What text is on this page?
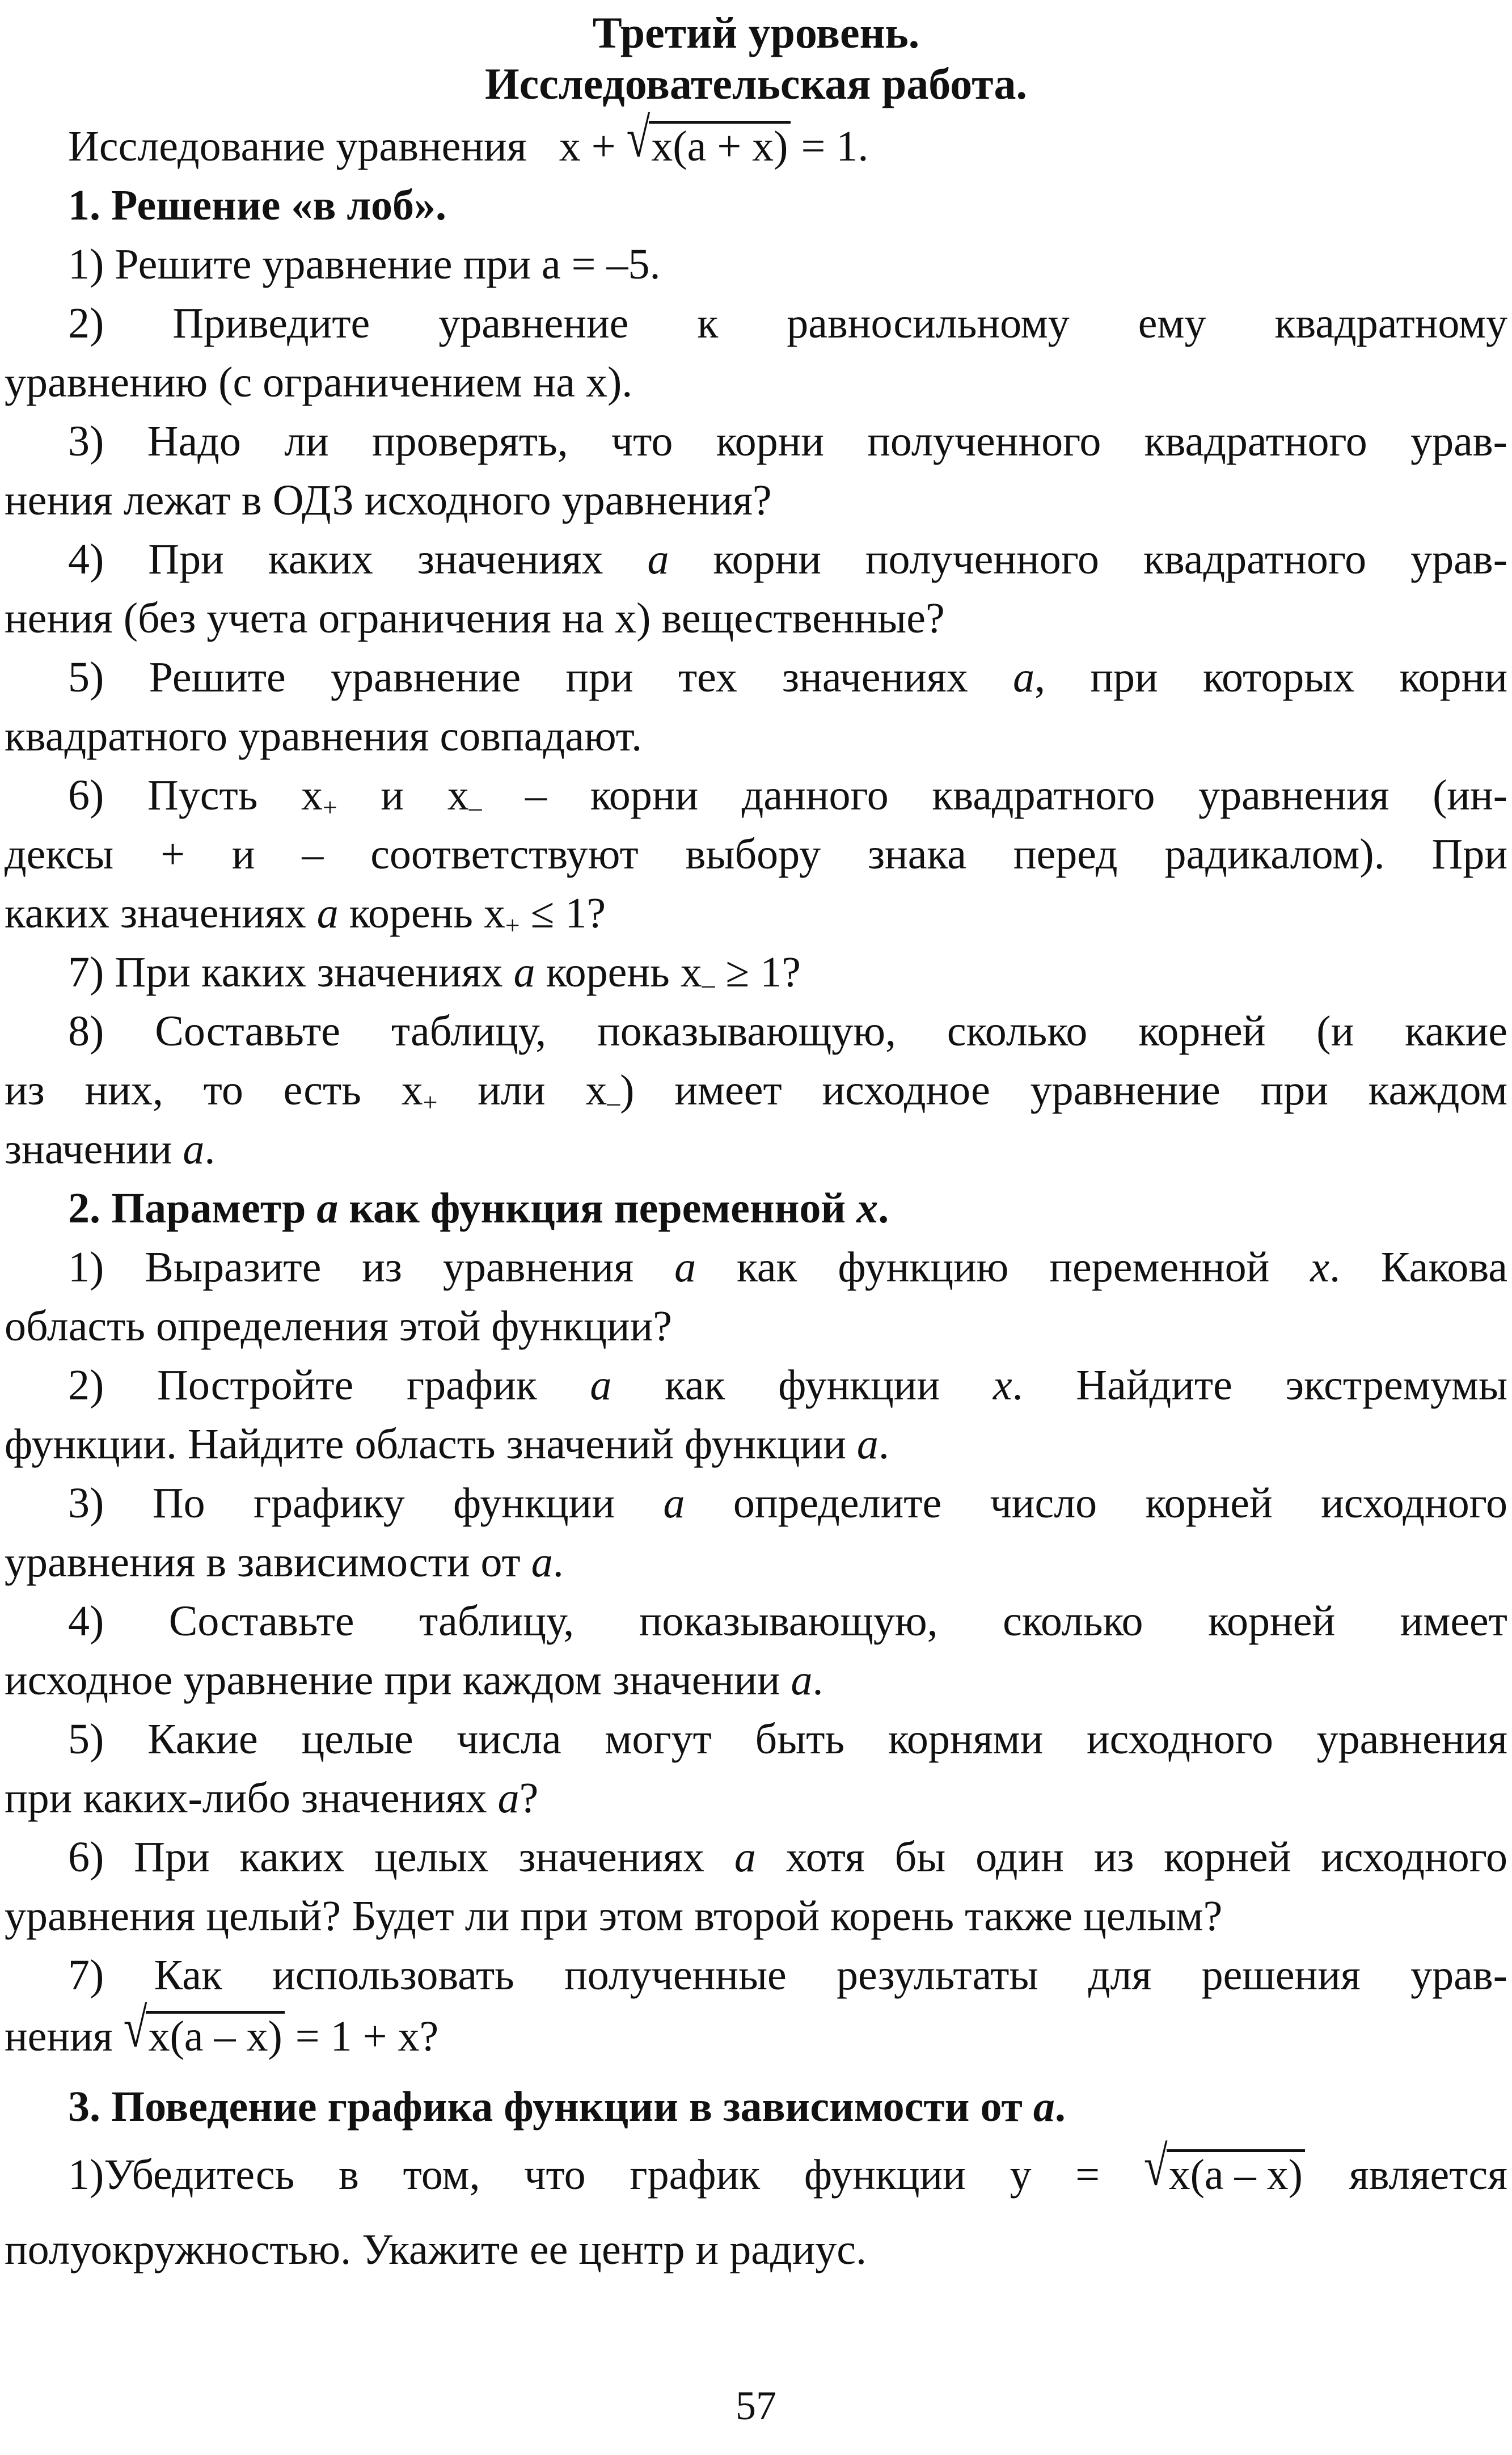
Третий уровень.
Исследовательская работа.

Исследование уравнения x + √x(a + x) = 1.

1. Решение «в лоб».

1) Решите уравнение при a = –5.

2) Приведите уравнение к равносильному ему квадратному

уравнению (с ограничением на x).

3) Надо ли проверять, что корни полученного квадратного урав-

нения лежат в ОДЗ исходного уравнения?

4) При каких значениях a корни полученного квадратного урав-

нения (без учета ограничения на x) вещественные?

5) Решите уравнение при тех значениях a, при которых корни

квадратного уравнения совпадают.

6) Пусть $x_+$ и $x_-$ – корни данного квадратного уравнения (ин-

дексы + и – соответствуют выбору знака перед радикалом). При

каких значениях a корень $x_+ \le 1$?

7) При каких значениях a корень $x_- \ge 1$?

8) Составьте таблицу, показывающую, сколько корней (и какие

из них, то есть $x_+$ или $x_-$) имеет исходное уравнение при каждом

значении a.

2. Параметр a как функция переменной x.

1) Выразите из уравнения a как функцию переменной x. Какова

область определения этой функции?

2) Постройте график a как функции x. Найдите экстремумы

функции. Найдите область значений функции a.

3) По графику функции a определите число корней исходного

уравнения в зависимости от a.

4) Составьте таблицу, показывающую, сколько корней имеет

исходное уравнение при каждом значении a.

5) Какие целые числа могут быть корнями исходного уравнения

при каких-либо значениях a?

6) При каких целых значениях a хотя бы один из корней исходного

уравнения целый? Будет ли при этом второй корень также целым?

7) Как использовать полученные результаты для решения урав-

нения √x(a – x) = 1 + x?

3. Поведение графика функции в зависимости от a.

1)Убедитесь в том, что график функции y = √x(a – x) является

полуокружностью. Укажите ее центр и радиус.

57
